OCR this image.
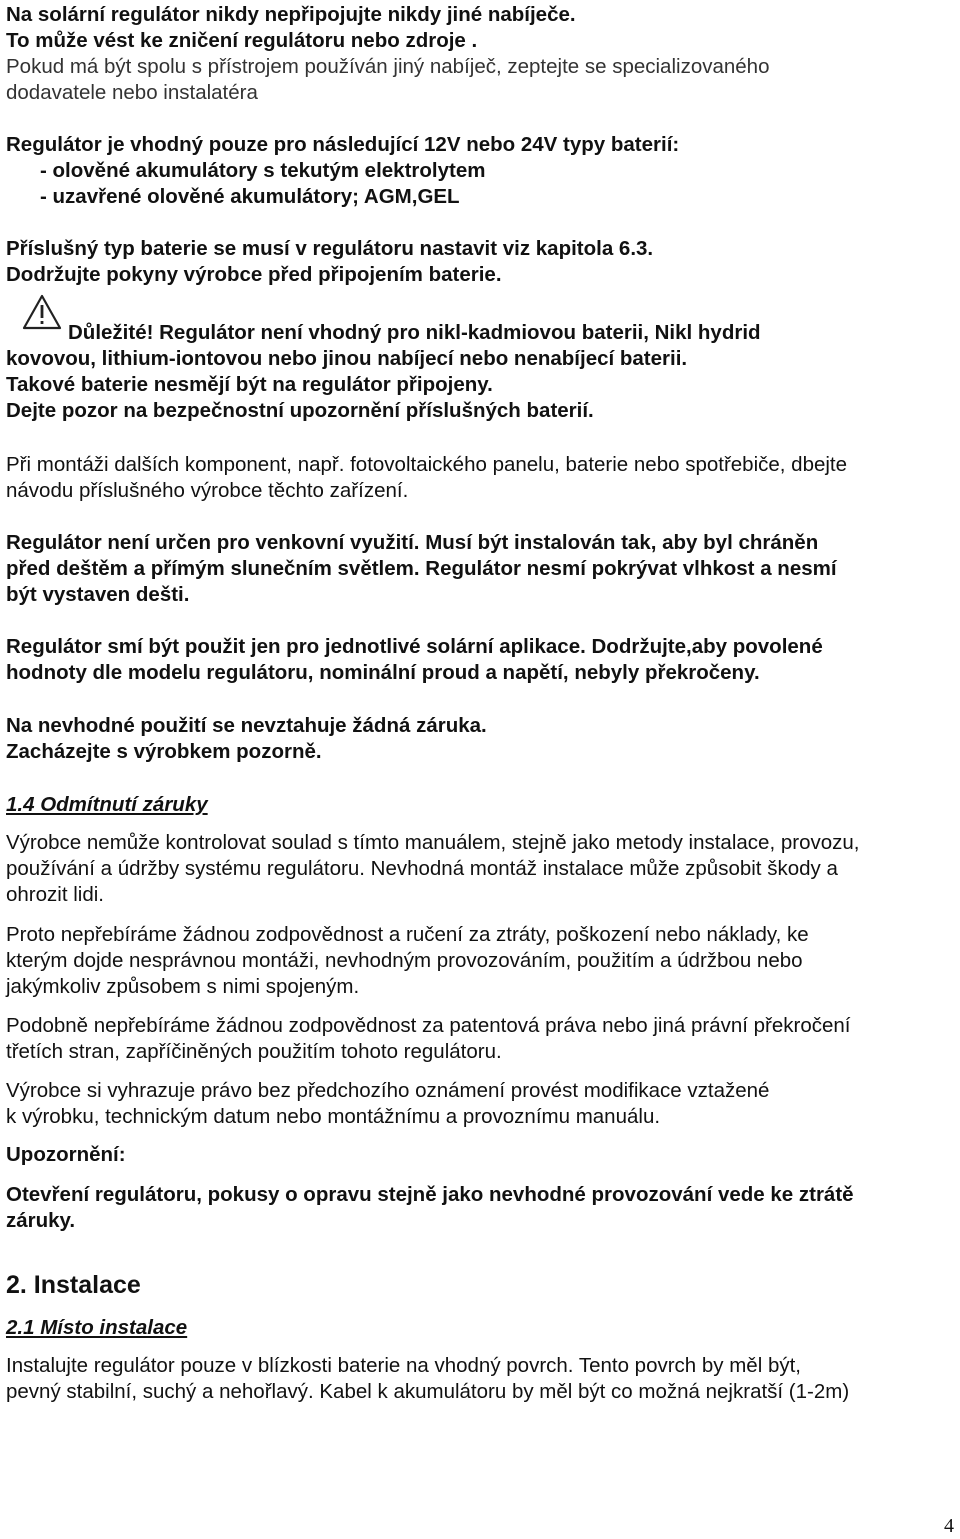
Na solární regulátor nikdy nepřipojujte nikdy jiné nabíječe.
To může vést ke zničení regulátoru nebo zdroje .
Pokud má být spolu s přístrojem používán jiný nabíječ, zeptejte se specializovaného
dodavatele nebo instalatéra
Regulátor je vhodný pouze pro následující 12V nebo 24V typy baterií:
- olověné akumulátory s tekutým elektrolytem
- uzavřené olověné akumulátory; AGM,GEL
Příslušný typ baterie se musí v regulátoru nastavit viz kapitola 6.3.
Dodržujte pokyny výrobce před připojením baterie.
Důležité! Regulátor není vhodný pro nikl-kadmiovou baterii, Nikl hydrid
kovovou, lithium-iontovou nebo jinou nabíjecí nebo nenabíjecí baterii.
Takové baterie nesmějí být na regulátor připojeny.
Dejte pozor na bezpečnostní upozornění příslušných baterií.
Při montáži dalších komponent, např. fotovoltaického panelu, baterie nebo spotřebiče, dbejte
návodu příslušného výrobce těchto zařízení.
Regulátor není určen pro venkovní využití. Musí být instalován tak, aby byl chráněn
před deštěm a přímým slunečním světlem. Regulátor nesmí pokrývat vlhkost a nesmí
být vystaven dešti.
Regulátor smí být použit jen pro jednotlivé solární aplikace. Dodržujte,aby povolené
hodnoty dle modelu regulátoru, nominální proud a napětí, nebyly překročeny.
Na nevhodné použití se nevztahuje žádná záruka.
Zacházejte s výrobkem pozorně.
1.4 Odmítnutí záruky
Výrobce nemůže kontrolovat soulad s tímto manuálem, stejně jako metody instalace, provozu,
používání a údržby systému regulátoru. Nevhodná montáž instalace může způsobit škody a
ohrozit lidi.
Proto nepřebíráme žádnou zodpovědnost a ručení za ztráty, poškození nebo náklady, ke
kterým dojde nesprávnou montáži, nevhodným provozováním, použitím a údržbou nebo
jakýmkoliv způsobem s nimi spojeným.
Podobně nepřebíráme žádnou zodpovědnost za patentová práva nebo jiná právní překročení
třetích stran, zapříčiněných použitím tohoto regulátoru.
Výrobce si vyhrazuje právo bez předchozího oznámení provést modifikace vztažené
k výrobku, technickým datum nebo montážnímu a provoznímu manuálu.
Upozornění:
Otevření regulátoru, pokusy o opravu stejně jako nevhodné provozování vede ke ztrátě
záruky.
2. Instalace
2.1 Místo instalace
Instalujte regulátor pouze v blízkosti baterie na vhodný povrch. Tento povrch by měl být,
pevný stabilní, suchý a nehořlavý. Kabel k akumulátoru by měl být co možná nejkratší (1-2m)
4
